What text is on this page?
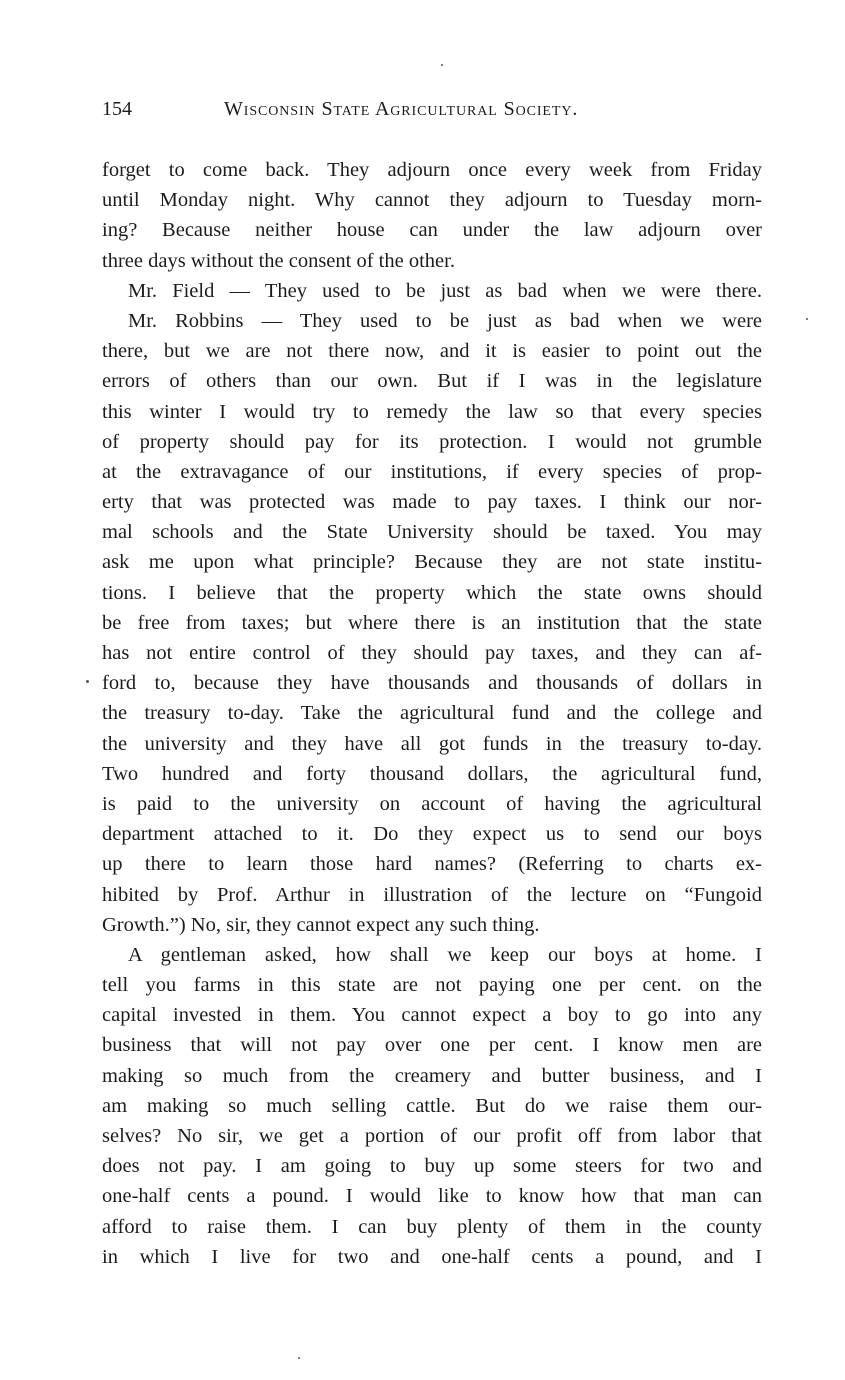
154	Wisconsin State Agricultural Society.
forget to come back. They adjourn once every week from Friday
until Monday night. Why cannot they adjourn to Tuesday morn-
ing? Because neither house can under the law adjourn over
three days without the consent of the other.
Mr. Field — They used to be just as bad when we were there.
Mr. Robbins — They used to be just as bad when we were
there, but we are not there now, and it is easier to point out the
errors of others than our own. But if I was in the legislature
this winter I would try to remedy the law so that every species
of property should pay for its protection. I would not grumble
at the extravagance of our institutions, if every species of prop-
erty that was protected was made to pay taxes. I think our nor-
mal schools and the State University should be taxed. You may
ask me upon what principle? Because they are not state institu-
tions. I believe that the property which the state owns should
be free from taxes; but where there is an institution that the state
has not entire control of they should pay taxes, and they can af-
ford to, because they have thousands and thousands of dollars in
the treasury to-day. Take the agricultural fund and the college and
the university and they have all got funds in the treasury to-day.
Two hundred and forty thousand dollars, the agricultural fund,
is paid to the university on account of having the agricultural
department attached to it. Do they expect us to send our boys
up there to learn those hard names? (Referring to charts ex-
hibited by Prof. Arthur in illustration of the lecture on “Fungoid
Growth.”) No, sir, they cannot expect any such thing.
A gentleman asked, how shall we keep our boys at home. I
tell you farms in this state are not paying one per cent. on the
capital invested in them. You cannot expect a boy to go into any
business that will not pay over one per cent. I know men are
making so much from the creamery and butter business, and I
am making so much selling cattle. But do we raise them our-
selves? No sir, we get a portion of our profit off from labor that
does not pay. I am going to buy up some steers for two and
one-half cents a pound. I would like to know how that man can
afford to raise them. I can buy plenty of them in the county
in which I live for two and one-half cents a pound, and I
